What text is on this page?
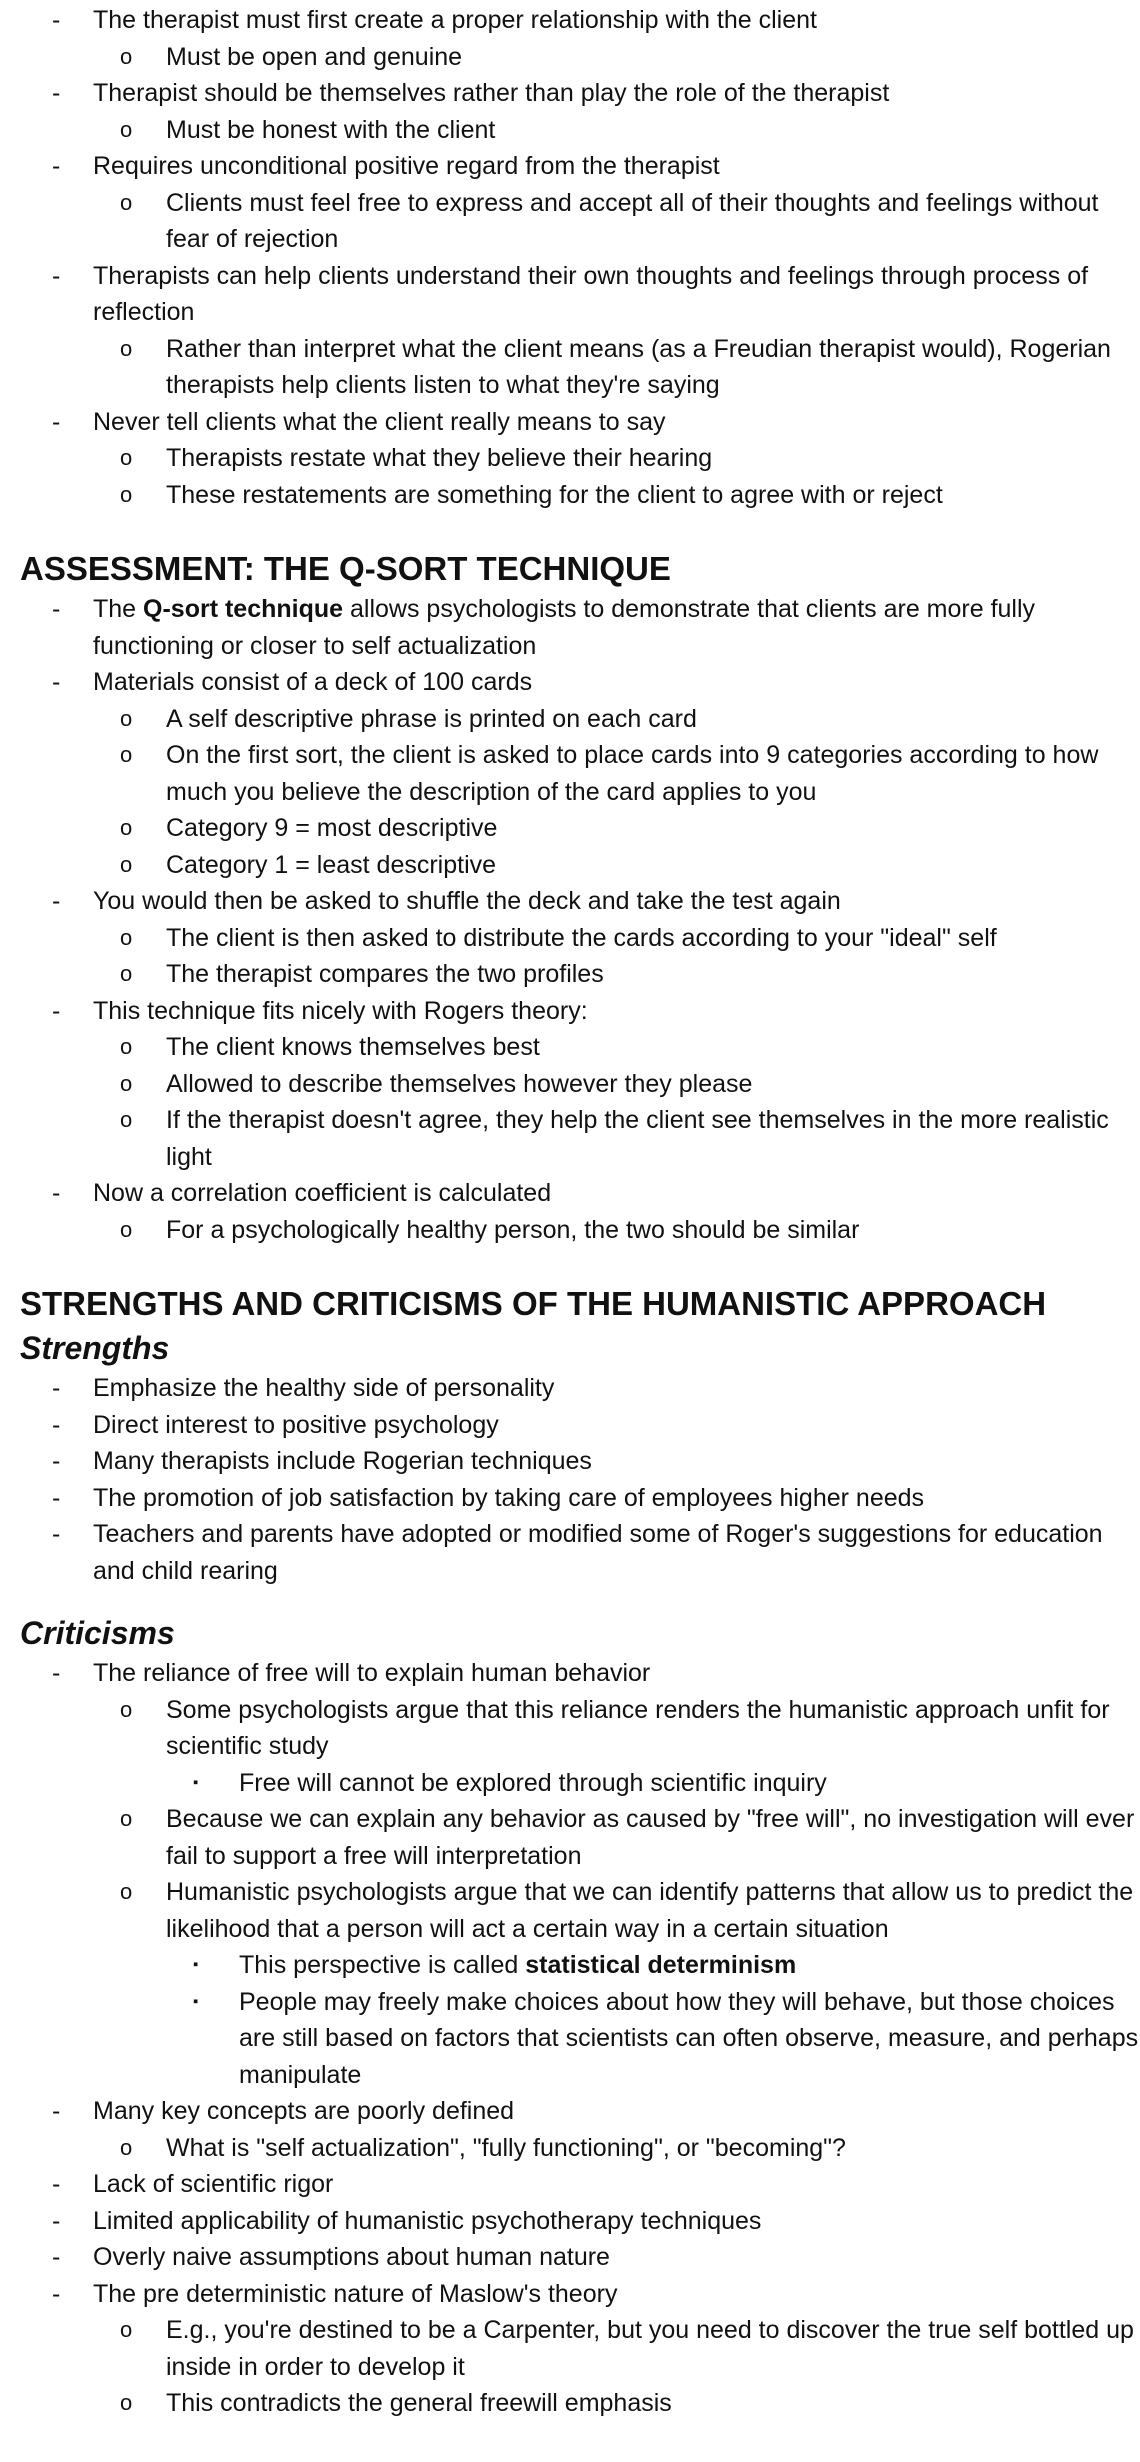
- The therapist must first create a proper relationship with the client
o Must be open and genuine
- Therapist should be themselves rather than play the role of the therapist
o Must be honest with the client
- Requires unconditional positive regard from the therapist
o Clients must feel free to express and accept all of their thoughts and feelings without fear of rejection
- Therapists can help clients understand their own thoughts and feelings through process of reflection
o Rather than interpret what the client means (as a Freudian therapist would), Rogerian therapists help clients listen to what they're saying
- Never tell clients what the client really means to say
o Therapists restate what they believe their hearing
o These restatements are something for the client to agree with or reject
ASSESSMENT: THE Q-SORT TECHNIQUE
- The Q-sort technique allows psychologists to demonstrate that clients are more fully functioning or closer to self actualization
- Materials consist of a deck of 100 cards
o A self descriptive phrase is printed on each card
o On the first sort, the client is asked to place cards into 9 categories according to how much you believe the description of the card applies to you
o Category 9 = most descriptive
o Category 1 = least descriptive
- You would then be asked to shuffle the deck and take the test again
o The client is then asked to distribute the cards according to your "ideal" self
o The therapist compares the two profiles
- This technique fits nicely with Rogers theory:
o The client knows themselves best
o Allowed to describe themselves however they please
o If the therapist doesn't agree, they help the client see themselves in the more realistic light
- Now a correlation coefficient is calculated
o For a psychologically healthy person, the two should be similar
STRENGTHS AND CRITICISMS OF THE HUMANISTIC APPROACH
Strengths
- Emphasize the healthy side of personality
- Direct interest to positive psychology
- Many therapists include Rogerian techniques
- The promotion of job satisfaction by taking care of employees higher needs
- Teachers and parents have adopted or modified some of Roger's suggestions for education and child rearing
Criticisms
- The reliance of free will to explain human behavior
o Some psychologists argue that this reliance renders the humanistic approach unfit for scientific study
▪ Free will cannot be explored through scientific inquiry
o Because we can explain any behavior as caused by "free will", no investigation will ever fail to support a free will interpretation
o Humanistic psychologists argue that we can identify patterns that allow us to predict the likelihood that a person will act a certain way in a certain situation
▪ This perspective is called statistical determinism
▪ People may freely make choices about how they will behave, but those choices are still based on factors that scientists can often observe, measure, and perhaps manipulate
- Many key concepts are poorly defined
o What is "self actualization", "fully functioning", or "becoming"?
- Lack of scientific rigor
- Limited applicability of humanistic psychotherapy techniques
- Overly naive assumptions about human nature
- The pre deterministic nature of Maslow's theory
o E.g., you're destined to be a Carpenter, but you need to discover the true self bottled up inside in order to develop it
o This contradicts the general freewill emphasis
